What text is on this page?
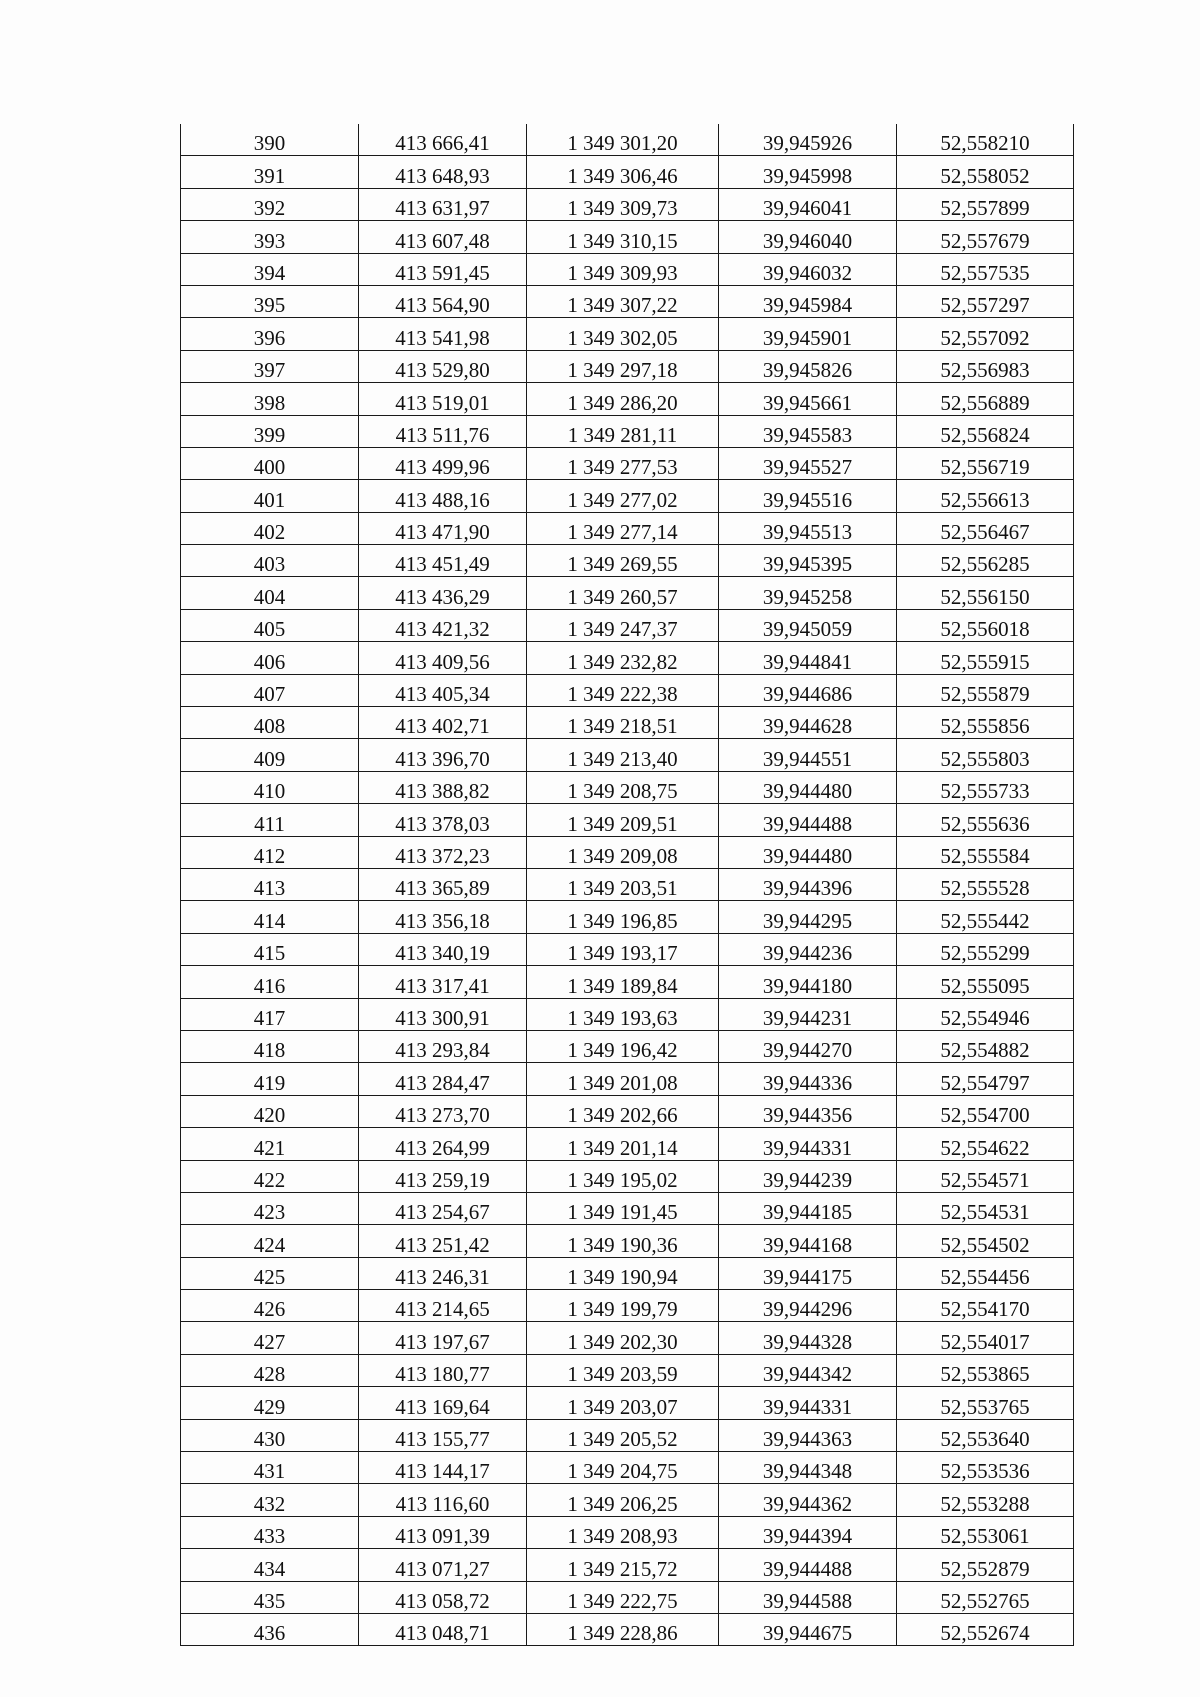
390	413 666,41	1 349 301,20	39,945926	52,558210
391	413 648,93	1 349 306,46	39,945998	52,558052
392	413 631,97	1 349 309,73	39,946041	52,557899
393	413 607,48	1 349 310,15	39,946040	52,557679
394	413 591,45	1 349 309,93	39,946032	52,557535
395	413 564,90	1 349 307,22	39,945984	52,557297
396	413 541,98	1 349 302,05	39,945901	52,557092
397	413 529,80	1 349 297,18	39,945826	52,556983
398	413 519,01	1 349 286,20	39,945661	52,556889
399	413 511,76	1 349 281,11	39,945583	52,556824
400	413 499,96	1 349 277,53	39,945527	52,556719
401	413 488,16	1 349 277,02	39,945516	52,556613
402	413 471,90	1 349 277,14	39,945513	52,556467
403	413 451,49	1 349 269,55	39,945395	52,556285
404	413 436,29	1 349 260,57	39,945258	52,556150
405	413 421,32	1 349 247,37	39,945059	52,556018
406	413 409,56	1 349 232,82	39,944841	52,555915
407	413 405,34	1 349 222,38	39,944686	52,555879
408	413 402,71	1 349 218,51	39,944628	52,555856
409	413 396,70	1 349 213,40	39,944551	52,555803
410	413 388,82	1 349 208,75	39,944480	52,555733
411	413 378,03	1 349 209,51	39,944488	52,555636
412	413 372,23	1 349 209,08	39,944480	52,555584
413	413 365,89	1 349 203,51	39,944396	52,555528
414	413 356,18	1 349 196,85	39,944295	52,555442
415	413 340,19	1 349 193,17	39,944236	52,555299
416	413 317,41	1 349 189,84	39,944180	52,555095
417	413 300,91	1 349 193,63	39,944231	52,554946
418	413 293,84	1 349 196,42	39,944270	52,554882
419	413 284,47	1 349 201,08	39,944336	52,554797
420	413 273,70	1 349 202,66	39,944356	52,554700
421	413 264,99	1 349 201,14	39,944331	52,554622
422	413 259,19	1 349 195,02	39,944239	52,554571
423	413 254,67	1 349 191,45	39,944185	52,554531
424	413 251,42	1 349 190,36	39,944168	52,554502
425	413 246,31	1 349 190,94	39,944175	52,554456
426	413 214,65	1 349 199,79	39,944296	52,554170
427	413 197,67	1 349 202,30	39,944328	52,554017
428	413 180,77	1 349 203,59	39,944342	52,553865
429	413 169,64	1 349 203,07	39,944331	52,553765
430	413 155,77	1 349 205,52	39,944363	52,553640
431	413 144,17	1 349 204,75	39,944348	52,553536
432	413 116,60	1 349 206,25	39,944362	52,553288
433	413 091,39	1 349 208,93	39,944394	52,553061
434	413 071,27	1 349 215,72	39,944488	52,552879
435	413 058,72	1 349 222,75	39,944588	52,552765
436	413 048,71	1 349 228,86	39,944675	52,552674
